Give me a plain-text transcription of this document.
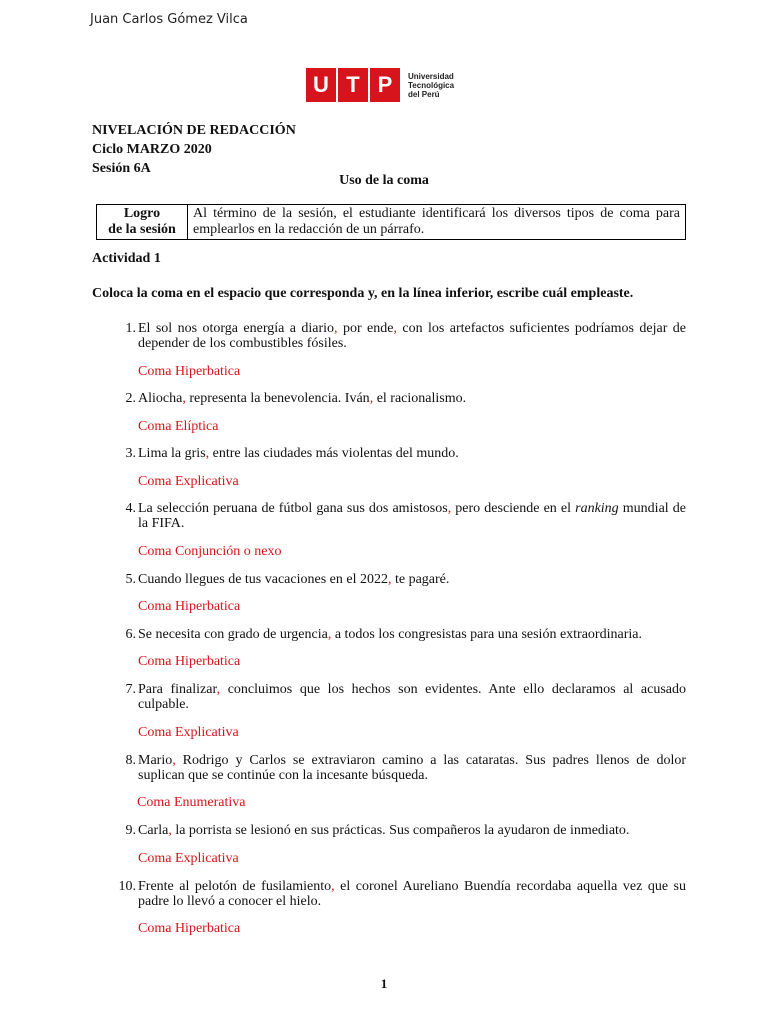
Juan Carlos Gómez Vilca
U T P	Universidad
Tecnológica
del Perú
NIVELACIÓN DE REDACCIÓN
Ciclo MARZO 2020
Sesión 6A
Uso de la coma
Logro
de la sesión
	Al término de la sesión, el estudiante identificará los diversos tipos de coma para emplearlos en la redacción de un párrafo.
Actividad 1
Coloca la coma en el espacio que corresponda y, en la línea inferior, escribe cuál empleaste.
1. El sol nos otorga energía a diario, por ende, con los artefactos suficientes podríamos dejar de depender de los combustibles fósiles.
Coma Hiperbatica
2. Aliocha, representa la benevolencia. Iván, el racionalismo.
Coma Elíptica
3. Lima la gris, entre las ciudades más violentas del mundo.
Coma Explicativa
4. La selección peruana de fútbol gana sus dos amistosos, pero desciende en el ranking mundial de la FIFA.
Coma Conjunción o nexo
5. Cuando llegues de tus vacaciones en el 2022, te pagaré.
Coma Hiperbatica
6. Se necesita con grado de urgencia, a todos los congresistas para una sesión extraordinaria.
Coma Hiperbatica
7. Para finalizar, concluimos que los hechos son evidentes. Ante ello declaramos al acusado culpable.
Coma Explicativa
8. Mario, Rodrigo y Carlos se extraviaron camino a las cataratas. Sus padres llenos de dolor suplican que se continúe con la incesante búsqueda.
Coma Enumerativa
9. Carla, la porrista se lesionó en sus prácticas. Sus compañeros la ayudaron de inmediato.
Coma Explicativa
10. Frente al pelotón de fusilamiento, el coronel Aureliano Buendía recordaba aquella vez que su padre lo llevó a conocer el hielo.
Coma Hiperbatica
1
